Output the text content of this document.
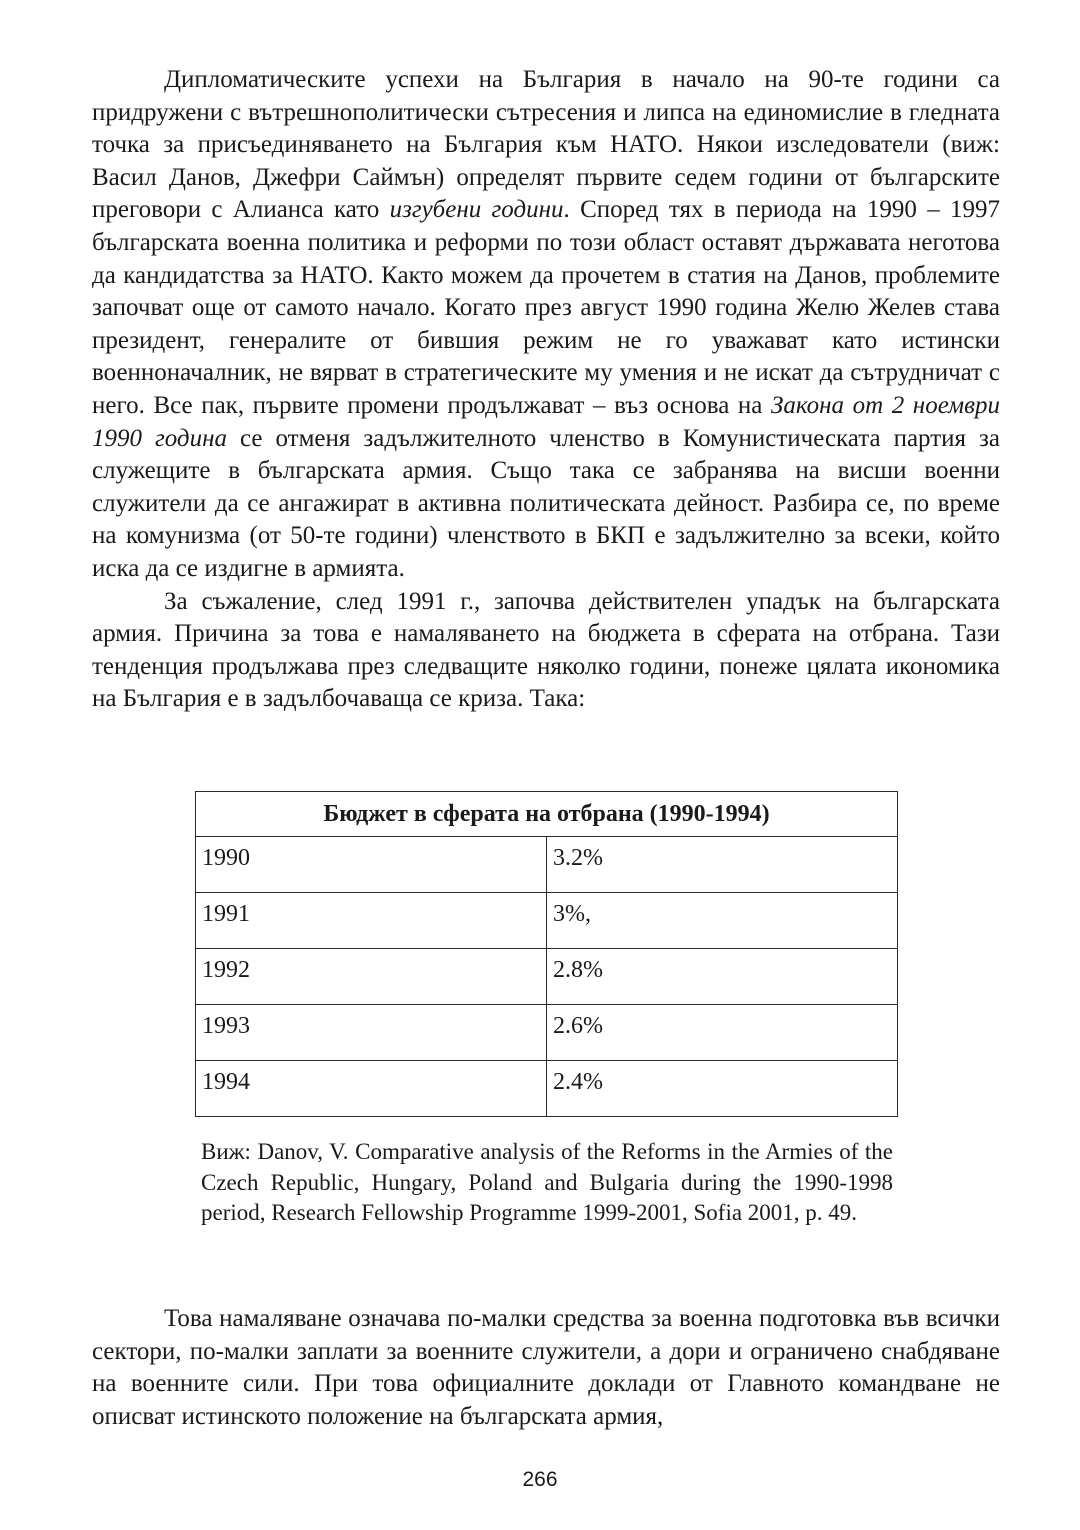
Дипломатическите успехи на България в начало на 90-те години са придружени с вътрешнополитически сътресения и липса на единомислие в гледната точка за присъединяването на България към НАТО. Някои изследователи (виж: Васил Данов, Джефри Саймън) определят първите седем години от българските преговори с Алианса като изгубени години. Според тях в периода на 1990 – 1997 българската военна политика и реформи по този област оставят държавата неготова да кандидатства за НАТО. Както можем да прочетем в статия на Данов, проблемите започват още от самото начало. Когато през август 1990 година Желю Желев става президент, генералите от бившия режим не го уважават като истински военноначалник, не вярват в стратегическите му умения и не искат да сътрудничат с него. Все пак, първите промени продължават – въз основа на Закона от 2 ноември 1990 година се отменя задължителното членство в Комунистическата партия за служещите в българската армия. Също така се забранява на висши военни служители да се ангажират в активна политическата дейност. Разбира се, по време на комунизма (от 50-те години) членството в БКП е задължително за всеки, който иска да се издигне в армията.

За съжаление, след 1991 г., започва действителен упадък на българската армия. Причина за това е намаляването на бюджета в сферата на отбрана. Тази тенденция продължава през следващите няколко години, понеже цялата икономика на България е в задълбочаваща се криза. Така:

Бюджет в сферата на отбрана (1990-1994)	
1990	3.2%
1991	3%,
1992	2.8%
1993	2.6%
1994	2.4%
Виж: Danov, V. Comparative analysis of the Reforms in the Armies of the Czech Republic, Hungary, Poland and Bulgaria during the 1990-1998 period, Research Fellowship Programme 1999-2001, Sofia 2001, p. 49.

Това намаляване означава по-малки средства за военна подготовка във всички сектори, по-малки заплати за военните служители, а дори и ограничено снабдяване на военните сили. При това официалните доклади от Главното командване не описват истинското положение на българската армия,

266
